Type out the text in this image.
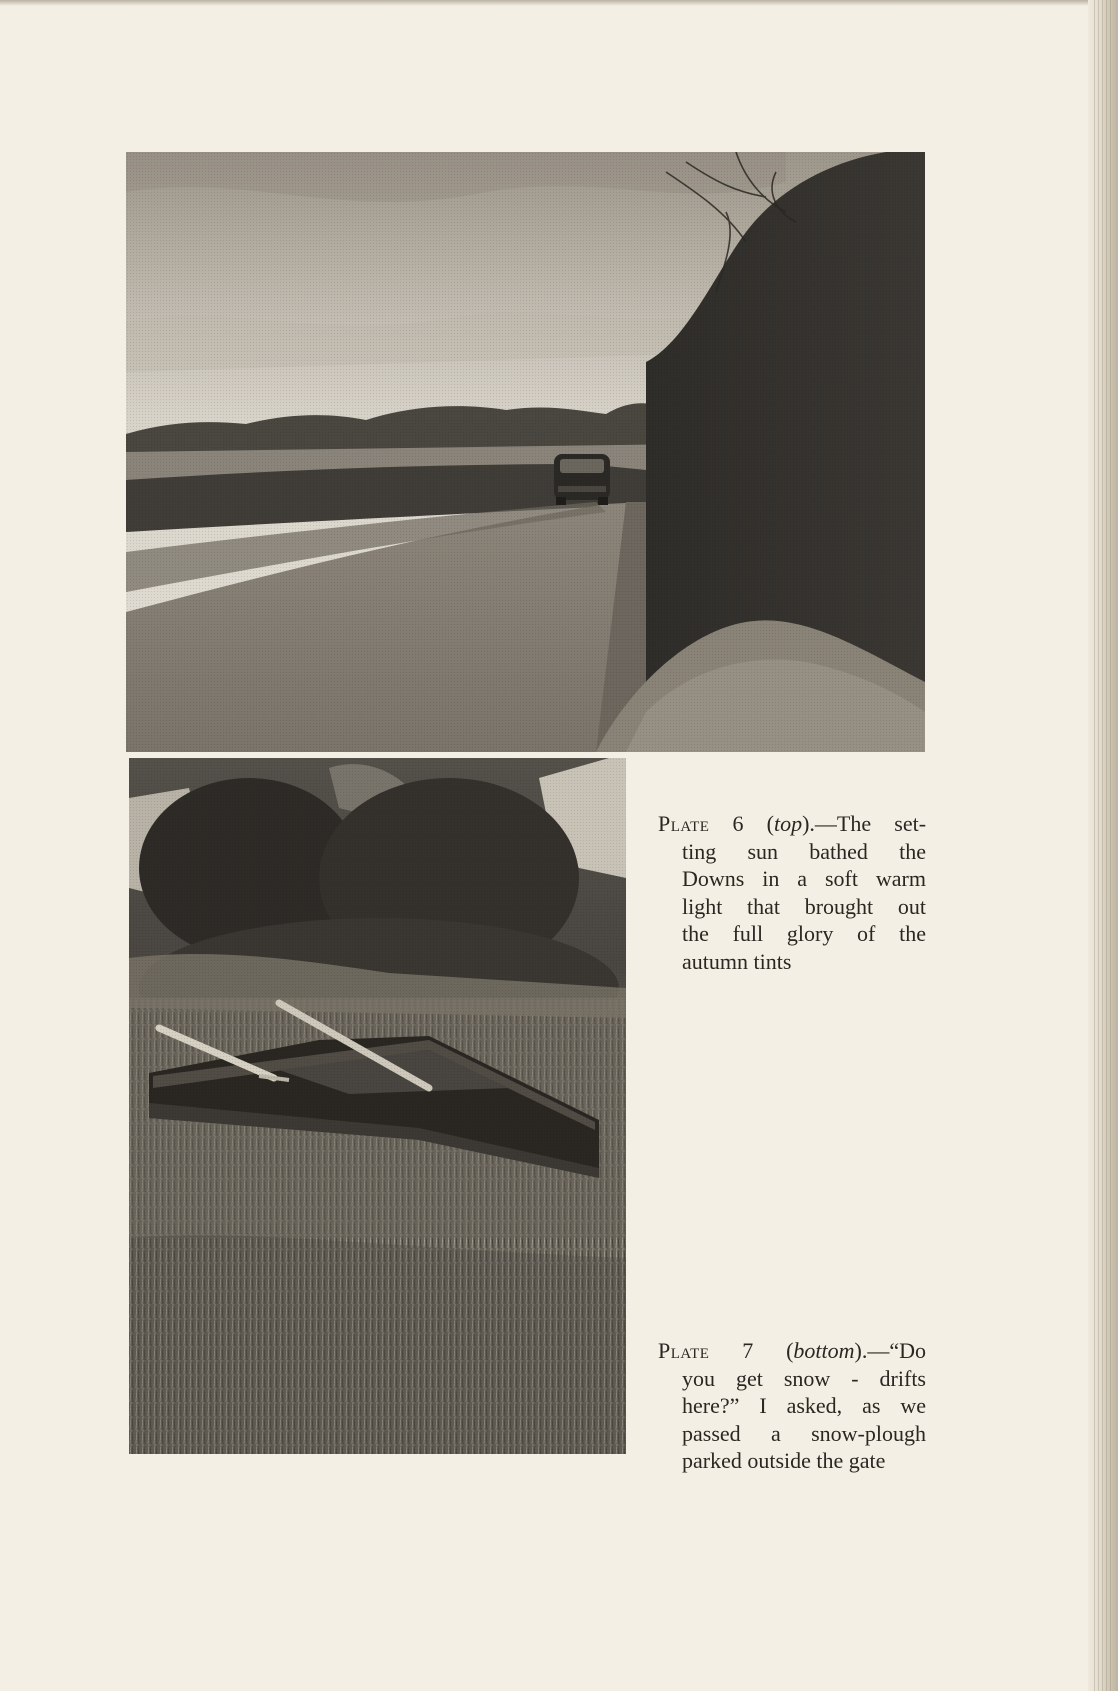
Plate 6 (top).—The set-
ting sun bathed the
Downs in a soft warm
light that brought out
the full glory of the
autumn tints
Plate 7 (bottom).—“Do
you get snow - drifts
here?” I asked, as we
passed a snow-plough
parked outside the gate
